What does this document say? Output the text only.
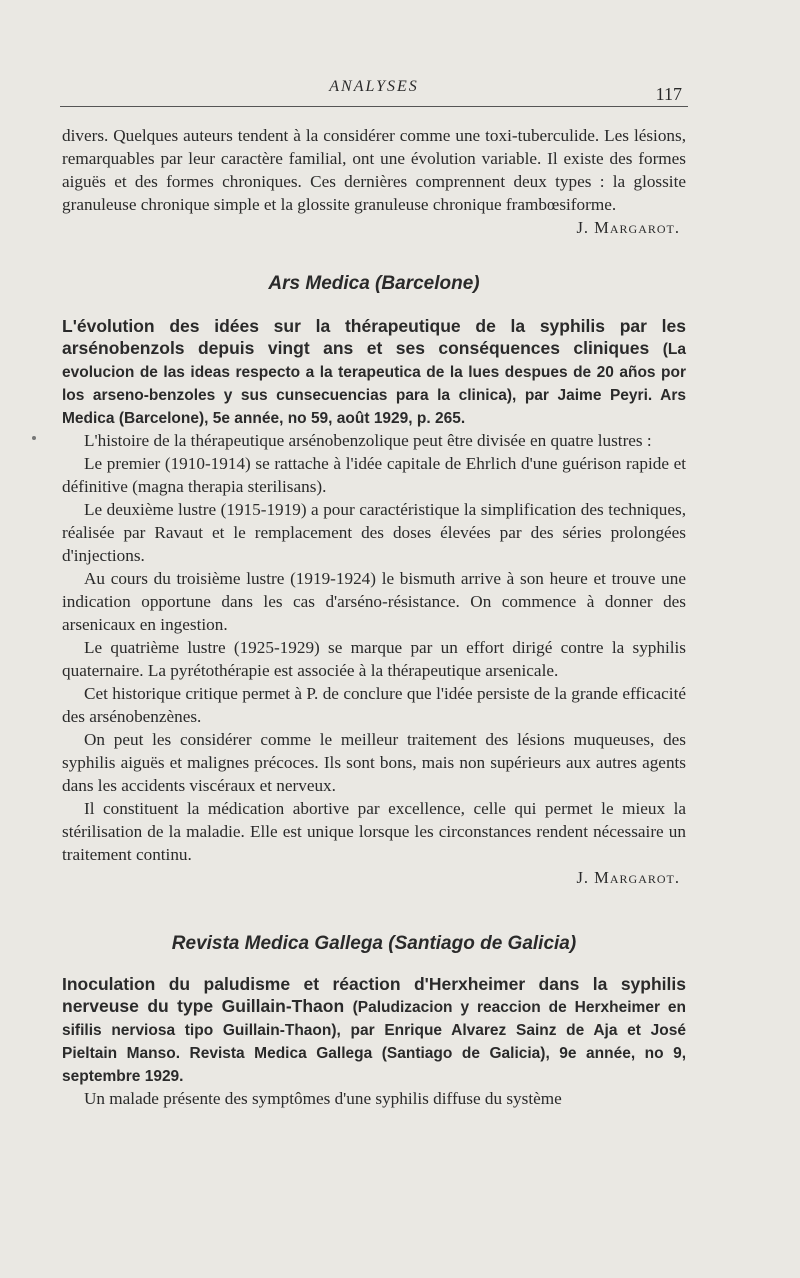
ANALYSES	117

divers. Quelques auteurs tendent à la considérer comme une toxi-tuberculide. Les lésions, remarquables par leur caractère familial, ont une évolution variable. Il existe des formes aiguës et des formes chroniques. Ces dernières comprennent deux types : la glossite granuleuse chronique simple et la glossite granuleuse chronique frambœsiforme.

J. Margarot.

Ars Medica (Barcelone)

L'évolution des idées sur la thérapeutique de la syphilis par les arsénobenzols depuis vingt ans et ses conséquences cliniques (La evolucion de las ideas respecto a la terapeutica de la lues despues de 20 años por los arseno-benzoles y sus cunsecuencias para la clinica), par Jaime Peyri. Ars Medica (Barcelone), 5e année, no 59, août 1929, p. 265.

L'histoire de la thérapeutique arsénobenzolique peut être divisée en quatre lustres :

Le premier (1910-1914) se rattache à l'idée capitale de Ehrlich d'une guérison rapide et définitive (magna therapia sterilisans).

Le deuxième lustre (1915-1919) a pour caractéristique la simplification des techniques, réalisée par Ravaut et le remplacement des doses élevées par des séries prolongées d'injections.

Au cours du troisième lustre (1919-1924) le bismuth arrive à son heure et trouve une indication opportune dans les cas d'arséno-résistance. On commence à donner des arsenicaux en ingestion.

Le quatrième lustre (1925-1929) se marque par un effort dirigé contre la syphilis quaternaire. La pyrétothérapie est associée à la thérapeutique arsenicale.

Cet historique critique permet à P. de conclure que l'idée persiste de la grande efficacité des arsénobenzènes.

On peut les considérer comme le meilleur traitement des lésions muqueuses, des syphilis aiguës et malignes précoces. Ils sont bons, mais non supérieurs aux autres agents dans les accidents viscéraux et nerveux.

Il constituent la médication abortive par excellence, celle qui permet le mieux la stérilisation de la maladie. Elle est unique lorsque les circonstances rendent nécessaire un traitement continu.

J. Margarot.

Revista Medica Gallega (Santiago de Galicia)

Inoculation du paludisme et réaction d'Herxheimer dans la syphilis nerveuse du type Guillain-Thaon (Paludizacion y reaccion de Herxheimer en sifilis nerviosa tipo Guillain-Thaon), par Enrique Alvarez Sainz de Aja et José Pieltain Manso. Revista Medica Gallega (Santiago de Galicia), 9e année, no 9, septembre 1929.

Un malade présente des symptômes d'une syphilis diffuse du système
